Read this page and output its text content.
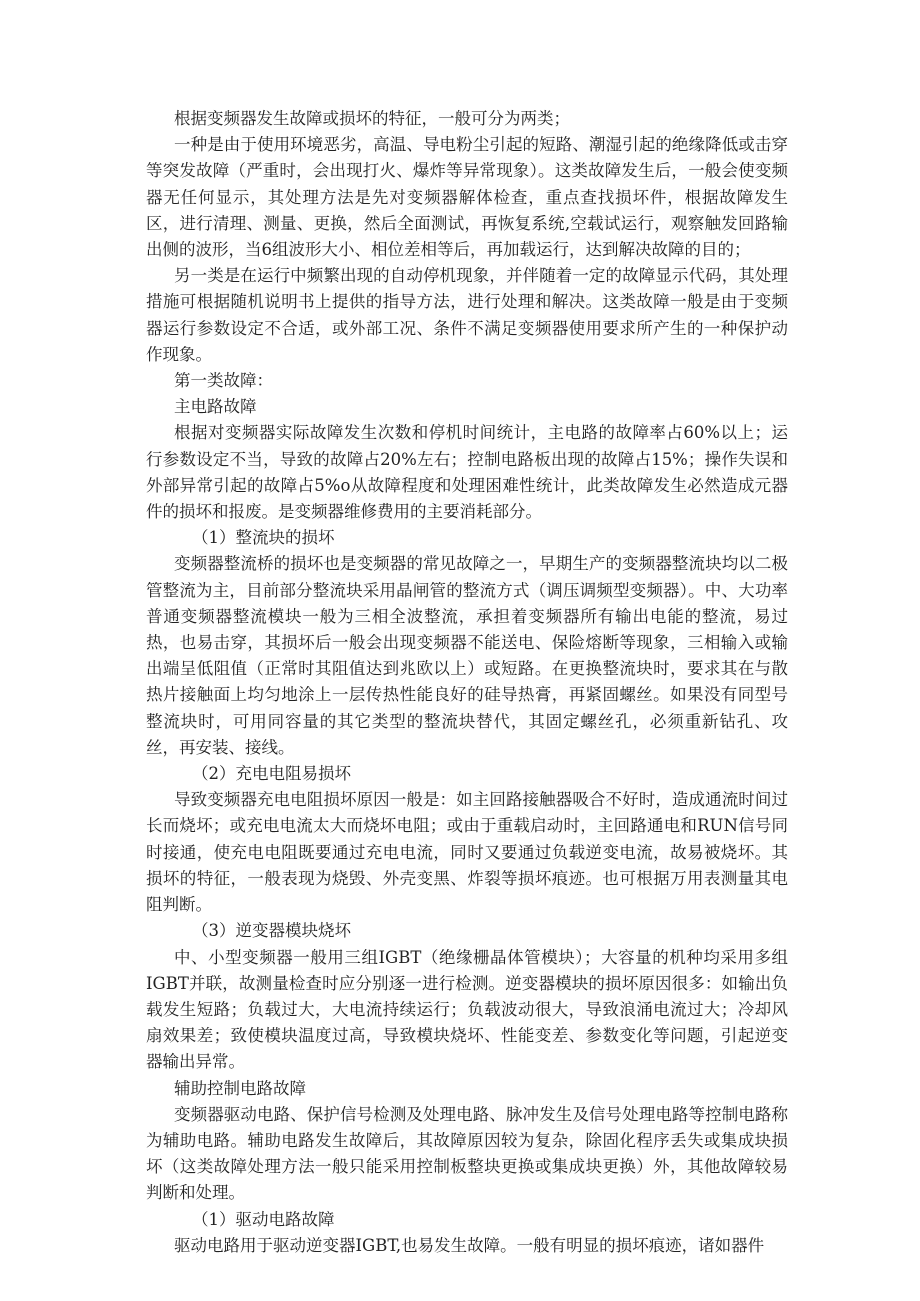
根据变频器发生故障或损坏的特征，一般可分为两类；

一种是由于使用环境恶劣，高温、导电粉尘引起的短路、潮湿引起的绝缘降低或击穿等突发故障（严重时，会出现打火、爆炸等异常现象）。这类故障发生后，一般会使变频器无任何显示，其处理方法是先对变频器解体检查，重点查找损坏件，根据故障发生区，进行清理、测量、更换，然后全面测试，再恢复系统,空载试运行，观察触发回路输出侧的波形，当6组波形大小、相位差相等后，再加载运行，达到解决故障的目的；

另一类是在运行中频繁出现的自动停机现象，并伴随着一定的故障显示代码，其处理措施可根据随机说明书上提供的指导方法，进行处理和解决。这类故障一般是由于变频器运行参数设定不合适，或外部工况、条件不满足变频器使用要求所产生的一种保护动作现象。

第一类故障：

主电路故障

根据对变频器实际故障发生次数和停机时间统计，主电路的故障率占60%以上；运行参数设定不当，导致的故障占20%左右；控制电路板出现的故障占15%；操作失误和外部异常引起的故障占5%o从故障程度和处理困难性统计，此类故障发生必然造成元器件的损坏和报废。是变频器维修费用的主要消耗部分。

（1）整流块的损坏

变频器整流桥的损坏也是变频器的常见故障之一，早期生产的变频器整流块均以二极管整流为主，目前部分整流块采用晶闸管的整流方式（调压调频型变频器）。中、大功率普通变频器整流模块一般为三相全波整流，承担着变频器所有输出电能的整流，易过热，也易击穿，其损坏后一般会出现变频器不能送电、保险熔断等现象，三相输入或输出端呈低阻值（正常时其阻值达到兆欧以上）或短路。在更换整流块时，要求其在与散热片接触面上均匀地涂上一层传热性能良好的硅导热膏，再紧固螺丝。如果没有同型号整流块时，可用同容量的其它类型的整流块替代，其固定螺丝孔，必须重新钻孔、攻丝，再安装、接线。

（2）充电电阻易损坏

导致变频器充电电阻损坏原因一般是：如主回路接触器吸合不好时，造成通流时间过长而烧坏；或充电电流太大而烧坏电阻；或由于重载启动时，主回路通电和RUN信号同时接通，使充电电阻既要通过充电电流，同时又要通过负载逆变电流，故易被烧坏。其损坏的特征，一般表现为烧毁、外壳变黑、炸裂等损坏痕迹。也可根据万用表测量其电阻判断。

（3）逆变器模块烧坏

中、小型变频器一般用三组IGBT（绝缘栅晶体管模块）；大容量的机种均采用多组IGBT并联，故测量检查时应分别逐一进行检测。逆变器模块的损坏原因很多：如输出负载发生短路；负载过大，大电流持续运行；负载波动很大，导致浪涌电流过大；冷却风扇效果差；致使模块温度过高，导致模块烧坏、性能变差、参数变化等问题，引起逆变器输出异常。

辅助控制电路故障

变频器驱动电路、保护信号检测及处理电路、脉冲发生及信号处理电路等控制电路称为辅助电路。辅助电路发生故障后，其故障原因较为复杂，除固化程序丢失或集成块损坏（这类故障处理方法一般只能采用控制板整块更换或集成块更换）外，其他故障较易判断和处理。

（1）驱动电路故障

驱动电路用于驱动逆变器IGBT,也易发生故障。一般有明显的损坏痕迹，诸如器件
